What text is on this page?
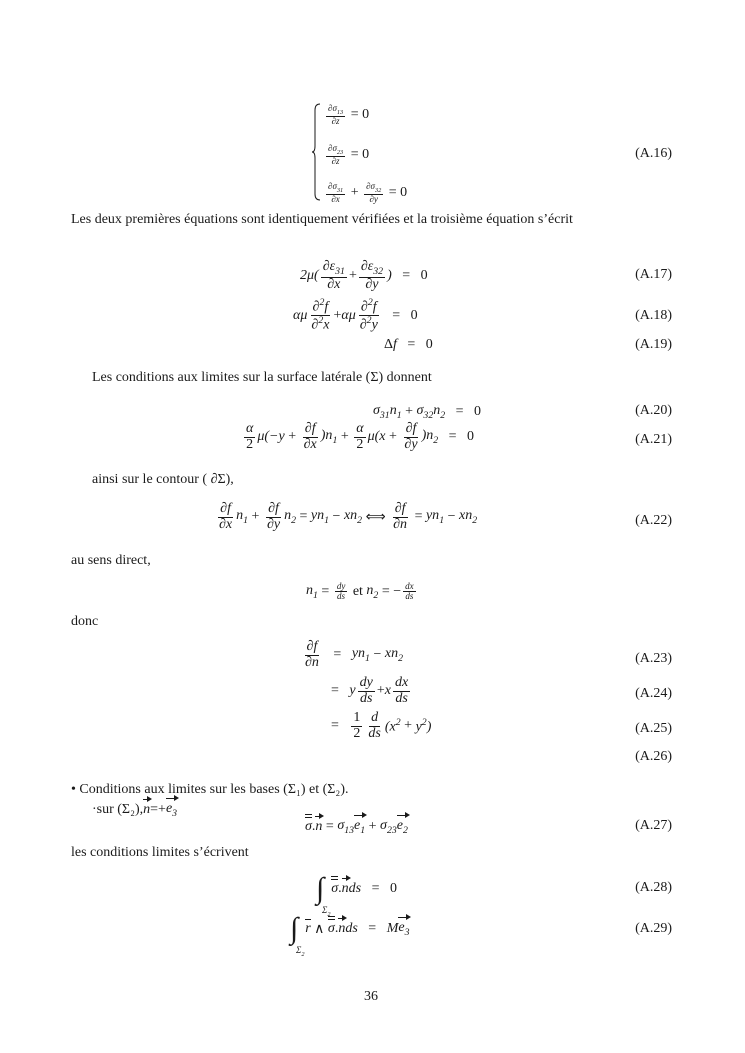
$\frac{\partial\sigma_{13}}{\partial z} = 0$
$\frac{\partial\sigma_{23}}{\partial z} = 0$
$\frac{\partial\sigma_{31}}{\partial x} + \frac{\partial\sigma_{32}}{\partial y} = 0$
(A.16)
Les deux premières équations sont identiquement vérifiées et la troisième équation s’écrit
$2\mu( \frac{\partial\varepsilon_{31}}{\partial x} + \frac{\partial\varepsilon_{32}}{\partial y}$ ) =   0	(A.17)
αμ $\frac{\partial^2f}{\partial^2x} + \alpha\mu \frac{\partial^2f}{\partial^2y} = 0$	(A.18)
Δ f =   0	(A.19)
Les conditions aux limites sur la surface latérale (Σ) donnent
$\sigma_{31}n_1 + \sigma_{32}n_2 = 0$	(A.20)
$\frac{\alpha}{2} \mu(-y + \frac{\partial f}{\partial x} )n_1 + \frac{\alpha}{2} \mu(x + \frac{\partial f}{\partial y} )n_2 = 0$	(A.21)
ainsi sur le contour ( ∂Σ),
$\frac{\partial f}{\partial x} n_1 + \frac{\partial f}{\partial y} n_2 = yn_1 - xn_2$ ⟺ $\frac{\partial f}{\partial n} = yn_1 - xn_2$	(A.22)
au sens direct,
$n_1 = \frac{dy}{ds}$
et
$n_2$ = − $\frac{dx}{ds}$
donc
$\frac{\partial f}{\partial n} = yn_1 - xn_2$	(A.23)
= y $\frac{dy}{ds} + x \frac{dx}{ds}$	(A.24)
= $\frac{1}{2} \frac{d}{ds} (x^2 + y^2)$	(A.25)
(A.26)
• Conditions aux limites sur les bases (Σ₁) et (Σ₂).
·sur (Σ₂), $n =+ e_3$
σ . $n = \sigma_{13}$ $e_1 + \sigma_{23}$ $e_2$	(A.27)
les conditions limites s’écrivent
∫
$\Sigma_2$

σ . n ds =   0	(A.28)
∫
$\Sigma_2$

r ∧ σ . n ds = M $e_3$	(A.29)
36
